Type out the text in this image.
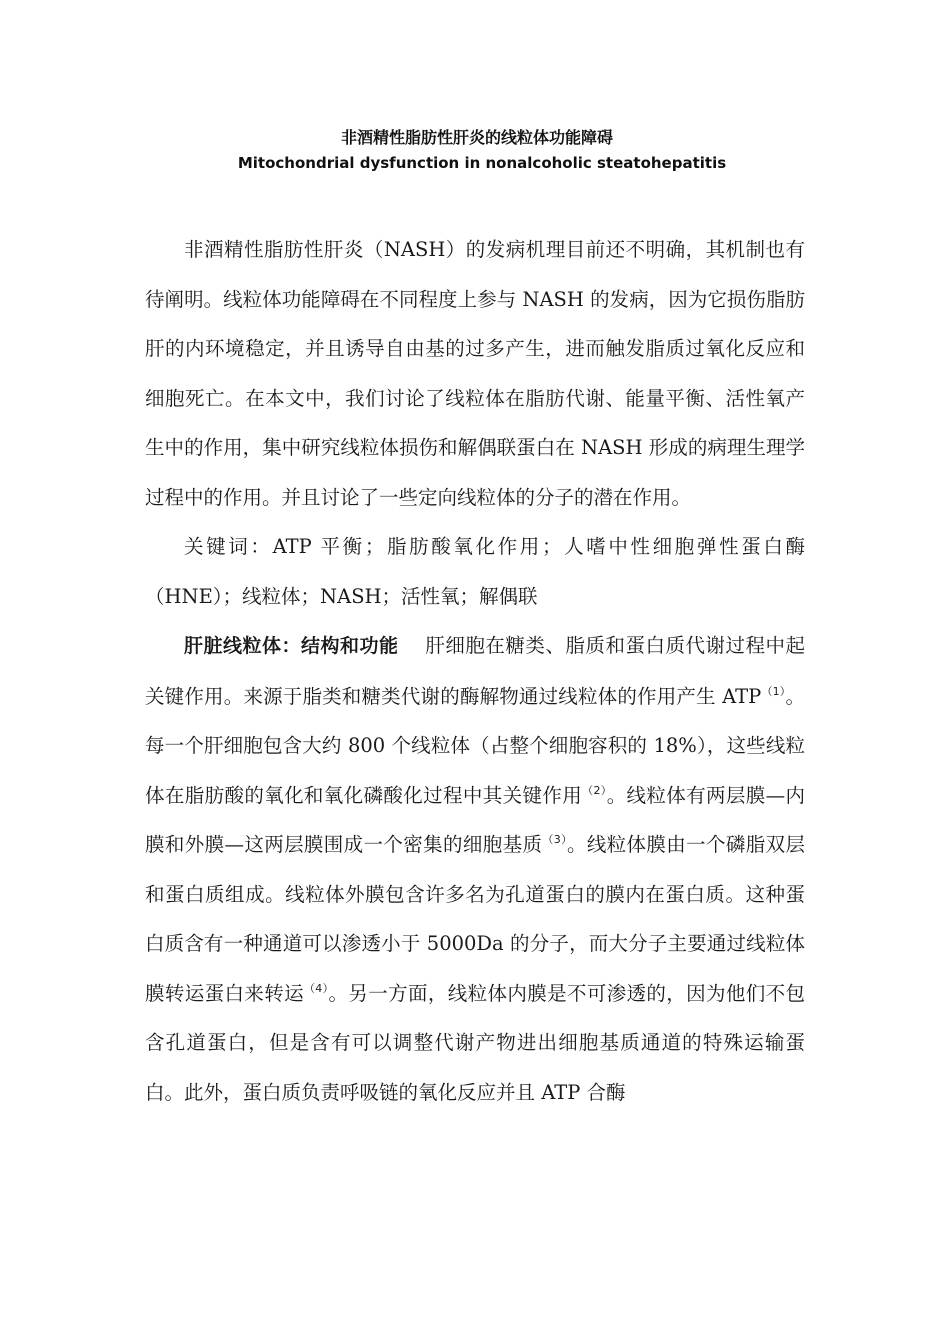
非酒精性脂肪性肝炎的线粒体功能障碍
Mitochondrial dysfunction in nonalcoholic steatohepatitis

非酒精性脂肪性肝炎（NASH）的发病机理目前还不明确，其机制也有待阐明。线粒体功能障碍在不同程度上参与 NASH 的发病，因为它损伤脂肪肝的内环境稳定，并且诱导自由基的过多产生，进而触发脂质过氧化反应和细胞死亡。在本文中，我们讨论了线粒体在脂肪代谢、能量平衡、活性氧产生中的作用，集中研究线粒体损伤和解偶联蛋白在 NASH 形成的病理生理学过程中的作用。并且讨论了一些定向线粒体的分子的潜在作用。

关键词：ATP 平衡；脂肪酸氧化作用；人嗜中性细胞弹性蛋白酶（HNE）；线粒体；NASH；活性氧；解偶联

肝脏线粒体：结构和功能 肝细胞在糖类、脂质和蛋白质代谢过程中起关键作用。来源于脂类和糖类代谢的酶解物通过线粒体的作用产生 ATP$^{(1)}$。每一个肝细胞包含大约 800 个线粒体（占整个细胞容积的 18%），这些线粒体在脂肪酸的氧化和氧化磷酸化过程中其关键作用$^{(2)}$。线粒体有两层膜—内膜和外膜—这两层膜围成一个密集的细胞基质$^{(3)}$。线粒体膜由一个磷脂双层和蛋白质组成。线粒体外膜包含许多名为孔道蛋白的膜内在蛋白质。这种蛋白质含有一种通道可以渗透小于 5000Da 的分子，而大分子主要通过线粒体膜转运蛋白来转运$^{(4)}$。另一方面，线粒体内膜是不可渗透的，因为他们不包含孔道蛋白，但是含有可以调整代谢产物进出细胞基质通道的特殊运输蛋白。此外，蛋白质负责呼吸链的氧化反应并且 ATP 合酶
